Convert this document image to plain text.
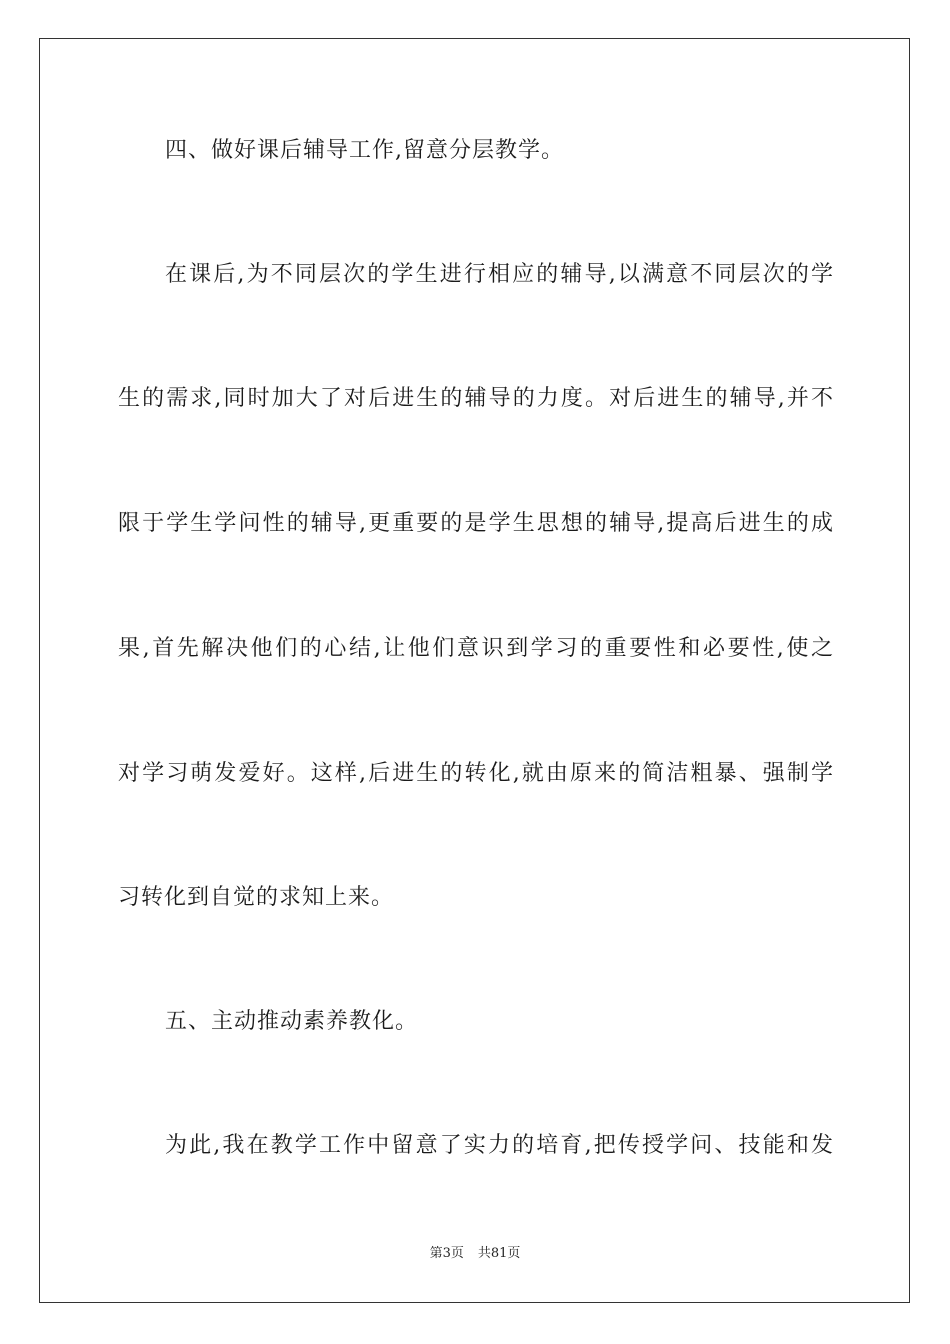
四、做好课后辅导工作,留意分层教学。
在课后,为不同层次的学生进行相应的辅导,以满意不同层次的学
生的需求,同时加大了对后进生的辅导的力度。对后进生的辅导,并不
限于学生学问性的辅导,更重要的是学生思想的辅导,提高后进生的成
果,首先解决他们的心结,让他们意识到学习的重要性和必要性,使之
对学习萌发爱好。这样,后进生的转化,就由原来的简洁粗暴、强制学
习转化到自觉的求知上来。
五、主动推动素养教化。
为此,我在教学工作中留意了实力的培育,把传授学问、技能和发
第3页 共81页
